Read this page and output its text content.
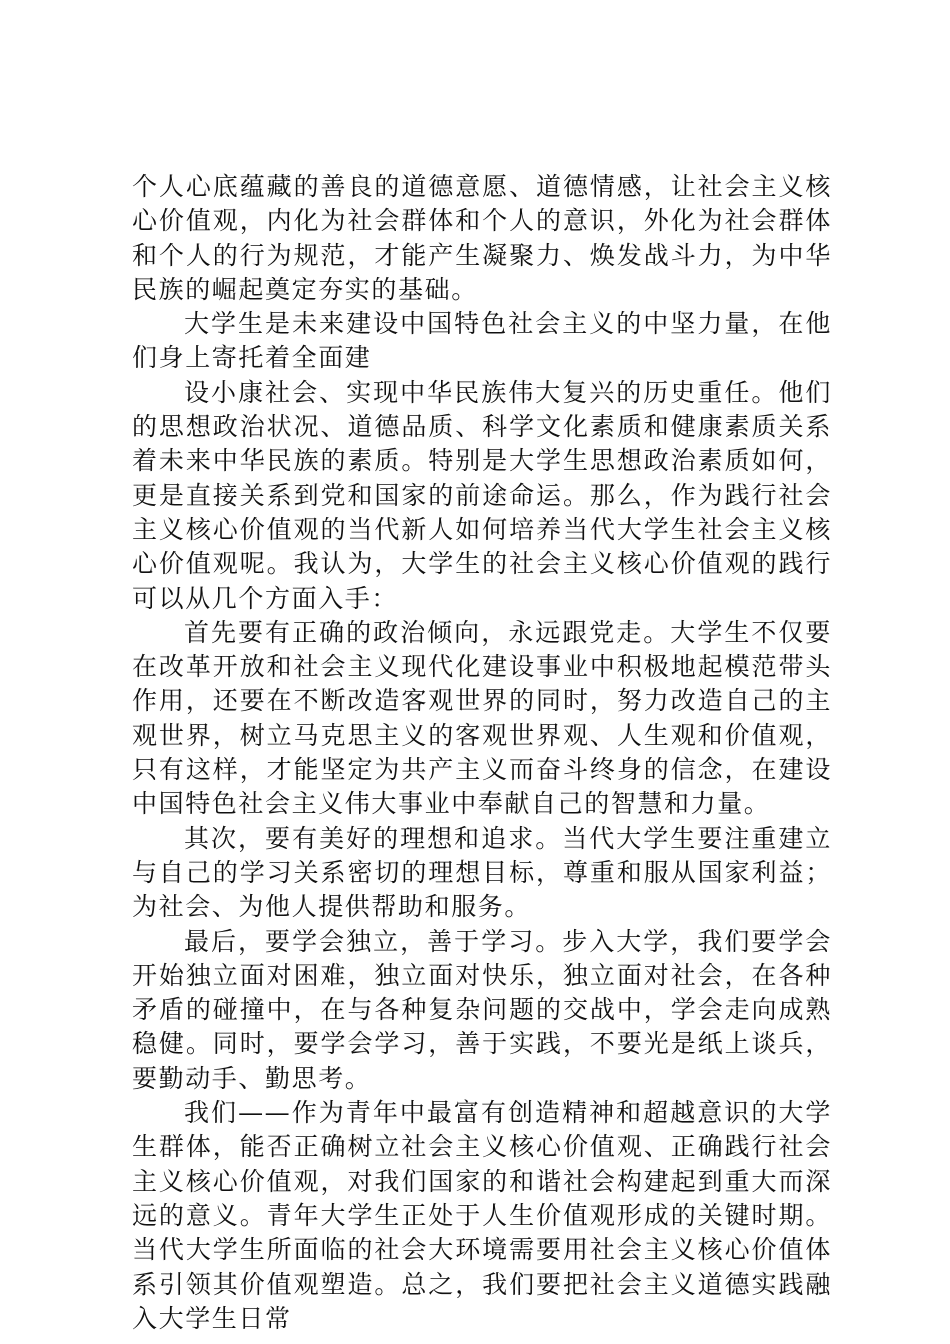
个人心底蕴藏的善良的道德意愿、道德情感，让社会主义核心价值观，内化为社会群体和个人的意识，外化为社会群体和个人的行为规范，才能产生凝聚力、焕发战斗力，为中华民族的崛起奠定夯实的基础。

大学生是未来建设中国特色社会主义的中坚力量，在他们身上寄托着全面建

设小康社会、实现中华民族伟大复兴的历史重任。他们的思想政治状况、道德品质、科学文化素质和健康素质关系着未来中华民族的素质。特别是大学生思想政治素质如何，更是直接关系到党和国家的前途命运。那么，作为践行社会主义核心价值观的当代新人如何培养当代大学生社会主义核心价值观呢。我认为，大学生的社会主义核心价值观的践行可以从几个方面入手：

首先要有正确的政治倾向，永远跟党走。大学生不仅要在改革开放和社会主义现代化建设事业中积极地起模范带头作用，还要在不断改造客观世界的同时，努力改造自己的主观世界，树立马克思主义的客观世界观、人生观和价值观，只有这样，才能坚定为共产主义而奋斗终身的信念，在建设中国特色社会主义伟大事业中奉献自己的智慧和力量。

其次，要有美好的理想和追求。当代大学生要注重建立与自己的学习关系密切的理想目标，尊重和服从国家利益；为社会、为他人提供帮助和服务。

最后，要学会独立，善于学习。步入大学，我们要学会开始独立面对困难，独立面对快乐，独立面对社会，在各种矛盾的碰撞中，在与各种复杂问题的交战中，学会走向成熟稳健。同时，要学会学习，善于实践，不要光是纸上谈兵，要勤动手、勤思考。

我们——作为青年中最富有创造精神和超越意识的大学生群体，能否正确树立社会主义核心价值观、正确践行社会主义核心价值观，对我们国家的和谐社会构建起到重大而深远的意义。青年大学生正处于人生价值观形成的关键时期。当代大学生所面临的社会大环境需要用社会主义核心价值体系引领其价值观塑造。总之，我们要把社会主义道德实践融入大学生日常
